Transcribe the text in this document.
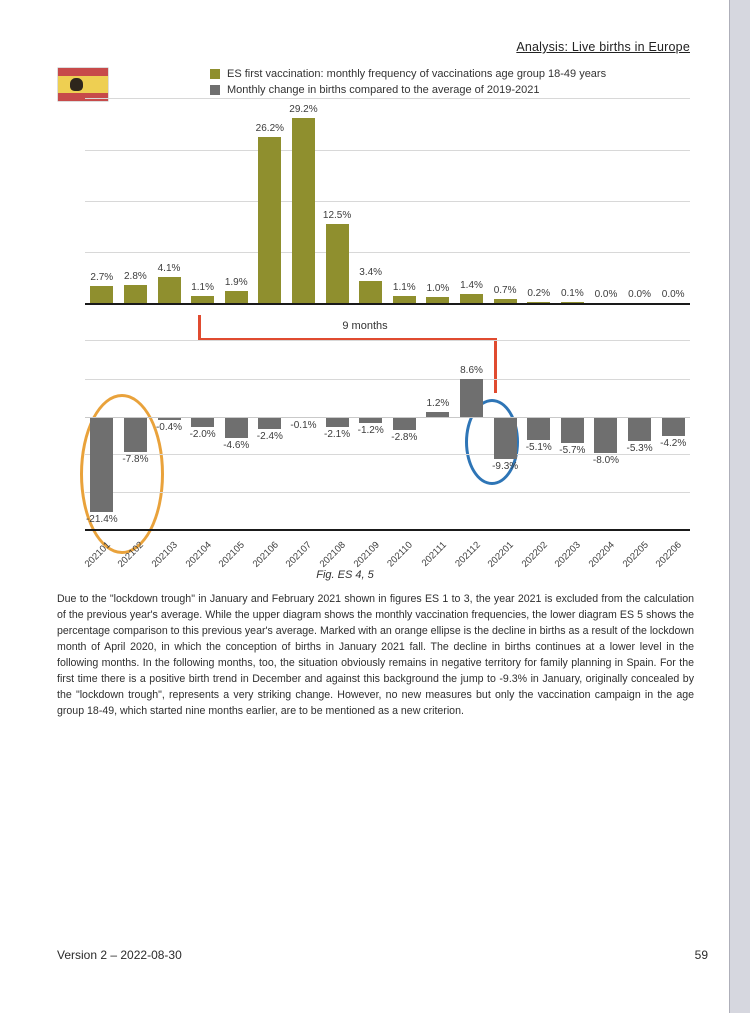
Analysis: Live births in Europe
ES first vaccination: monthly frequency of vaccinations age group 18-49 years
Monthly change in births compared to the average of 2019-2021
9 months
2.7%	2.8%
4.1%
1.1%	1.9%
26.2%
29.2%
12.5%
3.4%
1.1%	1.0%	1.4%	0.7%	0.2%	0.1%	0.0%	0.0%	0.0%
-21.4%
-7.8%
-0.4%
-2.0%
-4.6%
-2.4%
-0.1%
-2.1% -1.2%
-2.8%
1.2%
8.6%
-9.3%
-5.1% -5.7%
-8.0%
-5.3% -4.2%
202101 202102 202103 202104 202105 202106 202107 202108 202109 202110 202111 202112 202201 202202 202203 202204 202205 202206
Fig. ES 4, 5
Due to the "lockdown trough" in January and February 2021 shown in figures ES 1 to 3, the year 2021 is excluded from the calculation of the previous year's average. While the upper diagram shows the monthly vaccination frequencies, the lower diagram ES 5 shows the percentage comparison to this previous year's average. Marked with an orange ellipse is the decline in births as a result of the lockdown month of April 2020, in which the conception of births in January 2021 fall. The decline in births continues at a lower level in the following months. In the following months, too, the situation obviously remains in negative territory for family planning in Spain. For the first time there is a positive birth trend in December and against this background the jump to -9.3% in January, originally concealed by the "lockdown trough", represents a very striking change. However, no new measures but only the vaccination campaign in the age group 18-49, which started nine months earlier, are to be mentioned as a new criterion.
Version 2 – 2022-08-30	59
